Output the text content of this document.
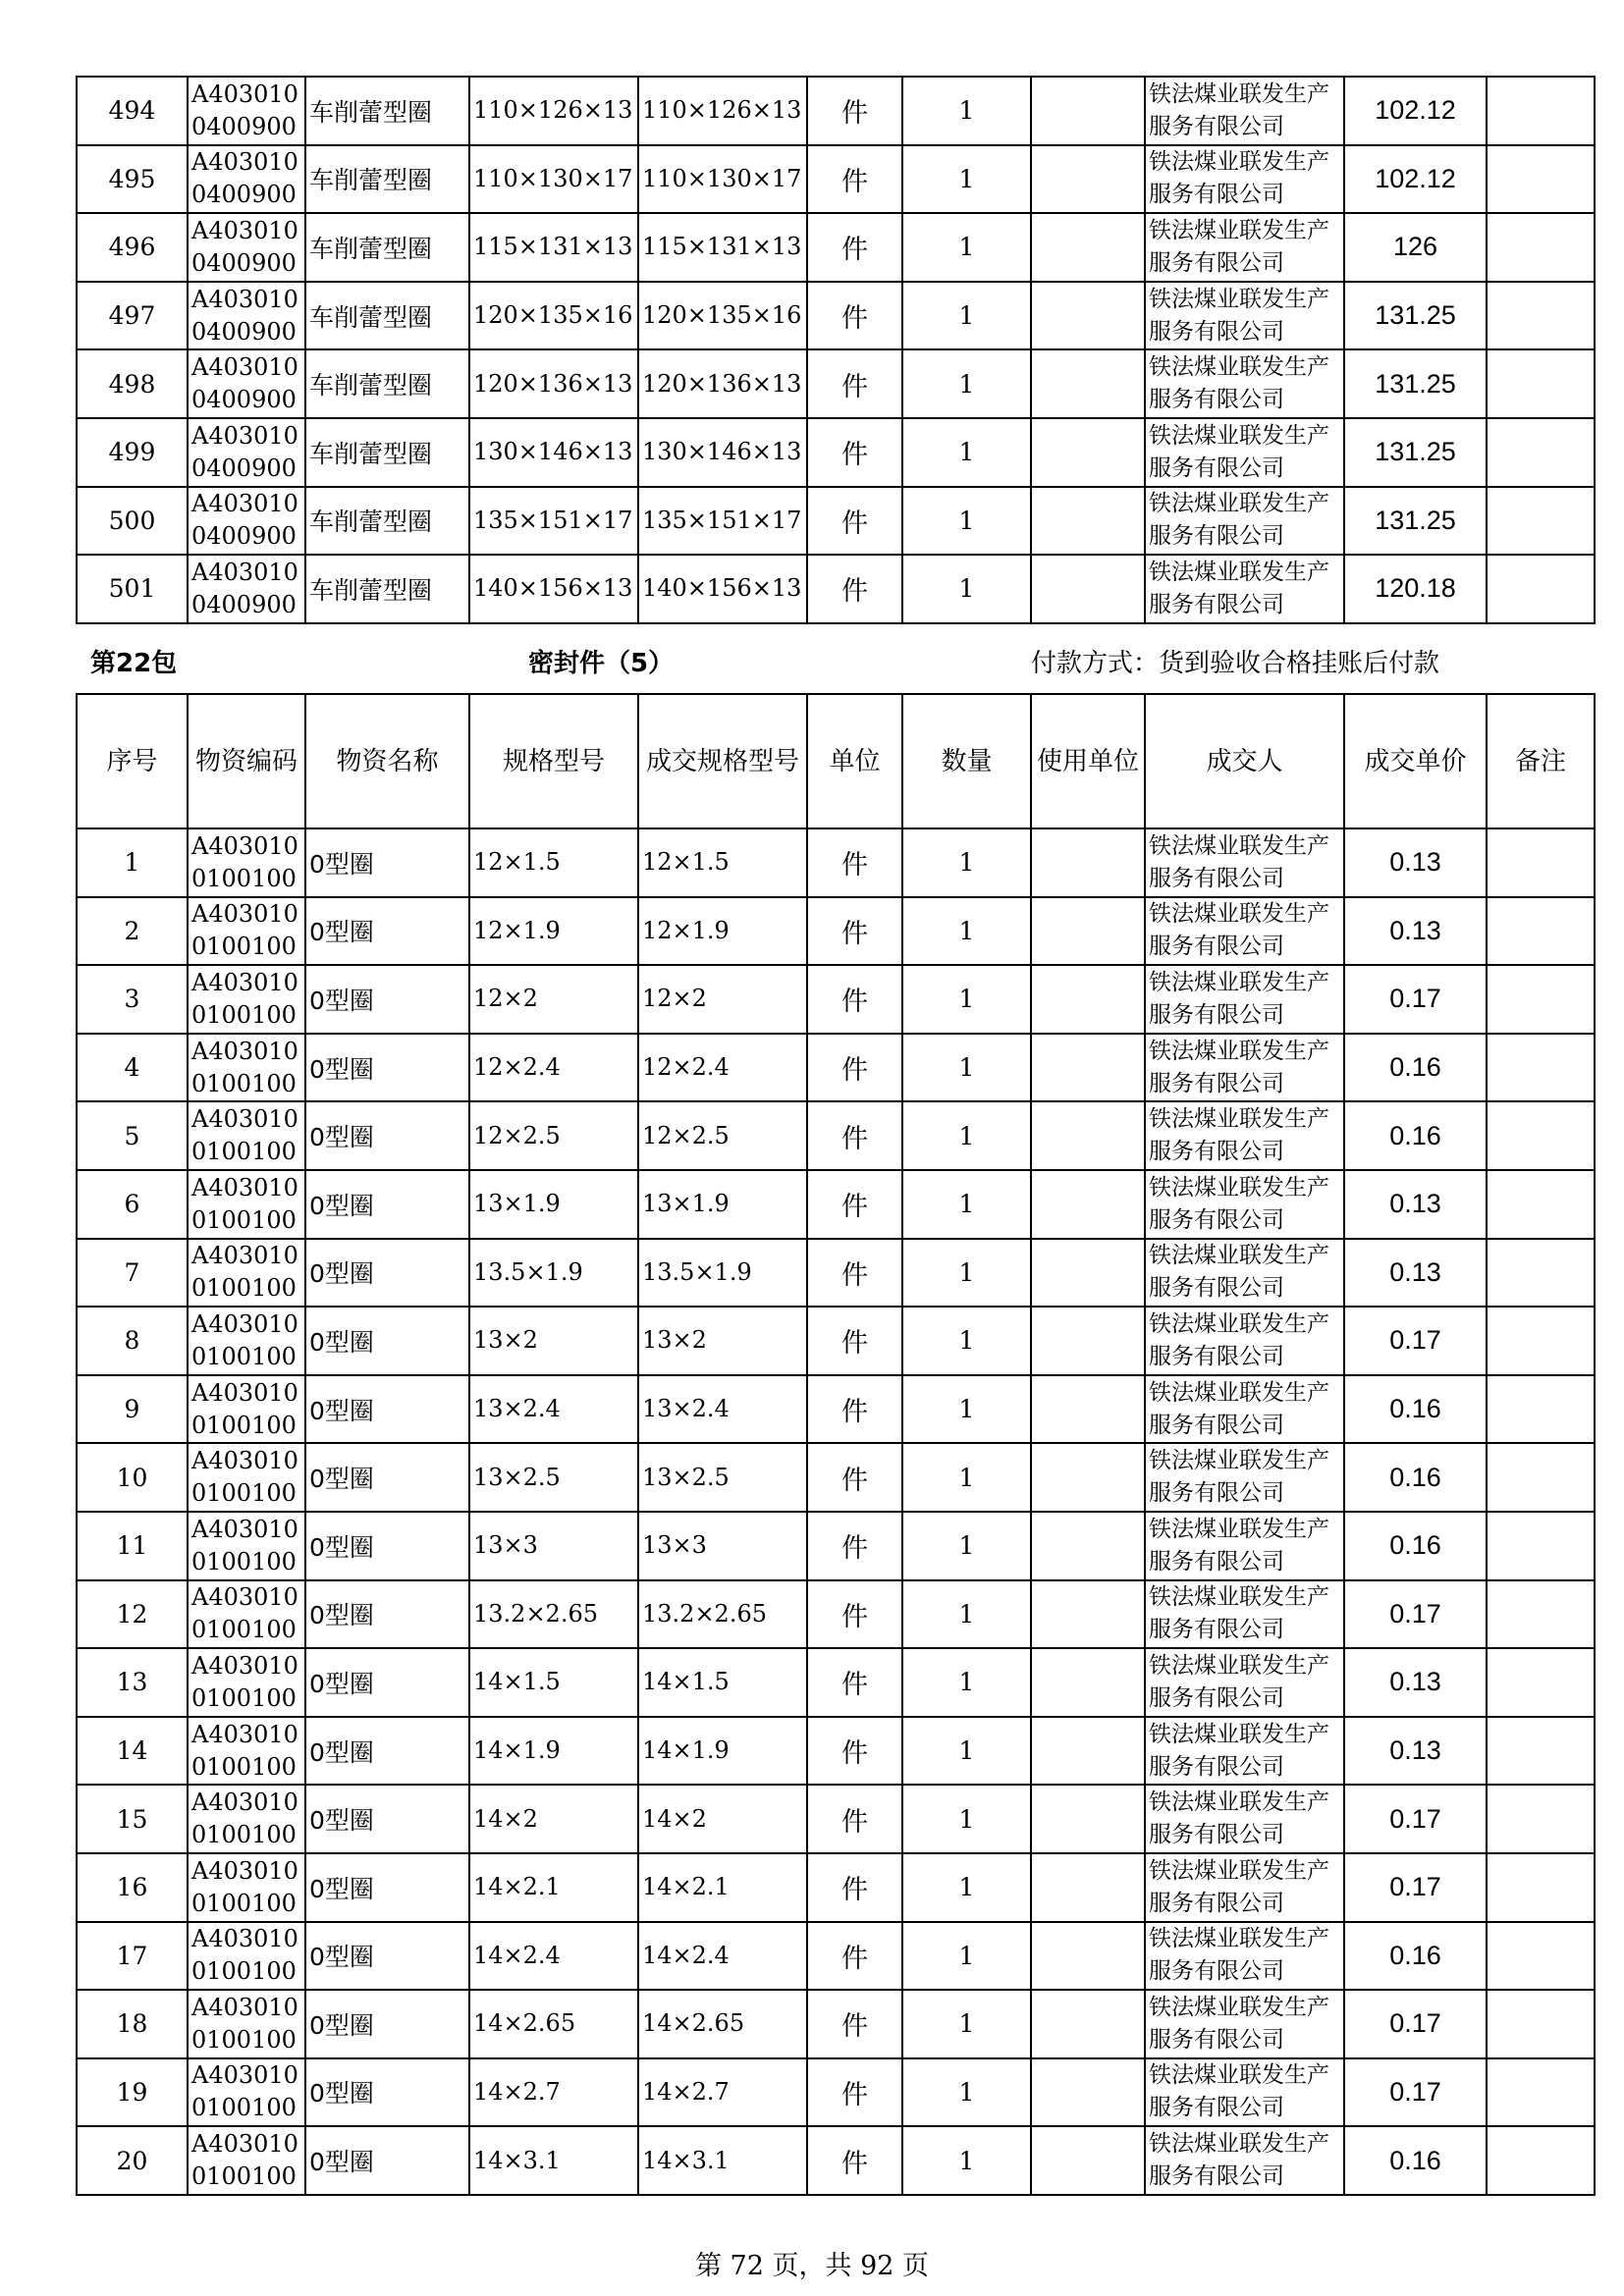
494	A4030100400900	车削蕾型圈	110×126×13	110×126×13	件	1		铁法煤业联发生产服务有限公司	102.12	
495	A4030100400900	车削蕾型圈	110×130×17	110×130×17	件	1		铁法煤业联发生产服务有限公司	102.12	
496	A4030100400900	车削蕾型圈	115×131×13	115×131×13	件	1		铁法煤业联发生产服务有限公司	126	
497	A4030100400900	车削蕾型圈	120×135×16	120×135×16	件	1		铁法煤业联发生产服务有限公司	131.25	
498	A4030100400900	车削蕾型圈	120×136×13	120×136×13	件	1		铁法煤业联发生产服务有限公司	131.25	
499	A4030100400900	车削蕾型圈	130×146×13	130×146×13	件	1		铁法煤业联发生产服务有限公司	131.25	
500	A4030100400900	车削蕾型圈	135×151×17	135×151×17	件	1		铁法煤业联发生产服务有限公司	131.25	
501	A4030100400900	车削蕾型圈	140×156×13	140×156×13	件	1		铁法煤业联发生产服务有限公司	120.18	
第22包	密封件（5）	付款方式：货到验收合格挂账后付款
序号	物资编码	物资名称	规格型号	成交规格型号	单位	数量	使用单位	成交人	成交单价	备注
1	A4030100100100	0型圈	12×1.5	12×1.5	件	1		铁法煤业联发生产服务有限公司	0.13	
2	A4030100100100	0型圈	12×1.9	12×1.9	件	1		铁法煤业联发生产服务有限公司	0.13	
3	A4030100100100	0型圈	12×2	12×2	件	1		铁法煤业联发生产服务有限公司	0.17	
4	A4030100100100	0型圈	12×2.4	12×2.4	件	1		铁法煤业联发生产服务有限公司	0.16	
5	A4030100100100	0型圈	12×2.5	12×2.5	件	1		铁法煤业联发生产服务有限公司	0.16	
6	A4030100100100	0型圈	13×1.9	13×1.9	件	1		铁法煤业联发生产服务有限公司	0.13	
7	A4030100100100	0型圈	13.5×1.9	13.5×1.9	件	1		铁法煤业联发生产服务有限公司	0.13	
8	A4030100100100	0型圈	13×2	13×2	件	1		铁法煤业联发生产服务有限公司	0.17	
9	A4030100100100	0型圈	13×2.4	13×2.4	件	1		铁法煤业联发生产服务有限公司	0.16	
10	A4030100100100	0型圈	13×2.5	13×2.5	件	1		铁法煤业联发生产服务有限公司	0.16	
11	A4030100100100	0型圈	13×3	13×3	件	1		铁法煤业联发生产服务有限公司	0.16	
12	A4030100100100	0型圈	13.2×2.65	13.2×2.65	件	1		铁法煤业联发生产服务有限公司	0.17	
13	A4030100100100	0型圈	14×1.5	14×1.5	件	1		铁法煤业联发生产服务有限公司	0.13	
14	A4030100100100	0型圈	14×1.9	14×1.9	件	1		铁法煤业联发生产服务有限公司	0.13	
15	A4030100100100	0型圈	14×2	14×2	件	1		铁法煤业联发生产服务有限公司	0.17	
16	A4030100100100	0型圈	14×2.1	14×2.1	件	1		铁法煤业联发生产服务有限公司	0.17	
17	A4030100100100	0型圈	14×2.4	14×2.4	件	1		铁法煤业联发生产服务有限公司	0.16	
18	A4030100100100	0型圈	14×2.65	14×2.65	件	1		铁法煤业联发生产服务有限公司	0.17	
19	A4030100100100	0型圈	14×2.7	14×2.7	件	1		铁法煤业联发生产服务有限公司	0.17	
20	A4030100100100	0型圈	14×3.1	14×3.1	件	1		铁法煤业联发生产服务有限公司	0.16	
第 72 页，共 92 页
